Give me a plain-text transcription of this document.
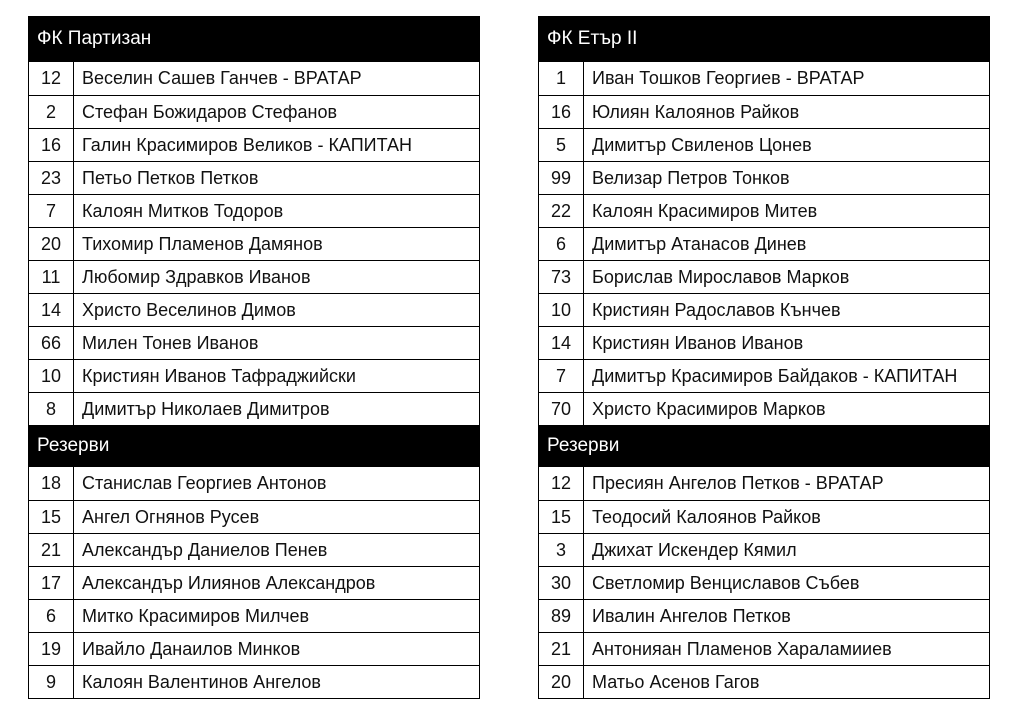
ФК Партизан
12	Веселин Сашев Ганчев - ВРАТАР
2	Стефан Божидаров Стефанов
16	Галин Красимиров Великов - КАПИТАН
23	Петьо Петков Петков
7	Калоян Митков Тодоров
20	Тихомир Пламенов Дамянов
11	Любомир Здравков Иванов
14	Христо Веселинов Димов
66	Милен Тонев Иванов
10	Кристиян Иванов Тафраджийски
8	Димитър Николаев Димитров
Резерви
18	Станислав Георгиев Антонов
15	Ангел Огнянов Русев
21	Александър Даниелов Пенев
17	Александър Илиянов Александров
6	Митко Красимиров Милчев
19	Ивайло Данаилов Минков
9	Калоян Валентинов Ангелов
ФК Етър II
1	Иван Тошков Георгиев - ВРАТАР
16	Юлиян Калоянов Райков
5	Димитър Свиленов Цонев
99	Велизар Петров Тонков
22	Калоян Красимиров Митев
6	Димитър Атанасов Динев
73	Борислав Мирославов Марков
10	Кристиян Радославов Кънчев
14	Кристиян Иванов Иванов
7	Димитър Красимиров Байдаков - КАПИТАН
70	Христо Красимиров Марков
Резерви
12	Пресиян Ангелов Петков - ВРАТАР
15	Теодосий Калоянов Райков
3	Джихат Искендер Кямил
30	Светломир Венциславов Събев
89	Ивалин Ангелов Петков
21	Антонияан Пламенов Хараламииев
20	Матьо Асенов Гагов
